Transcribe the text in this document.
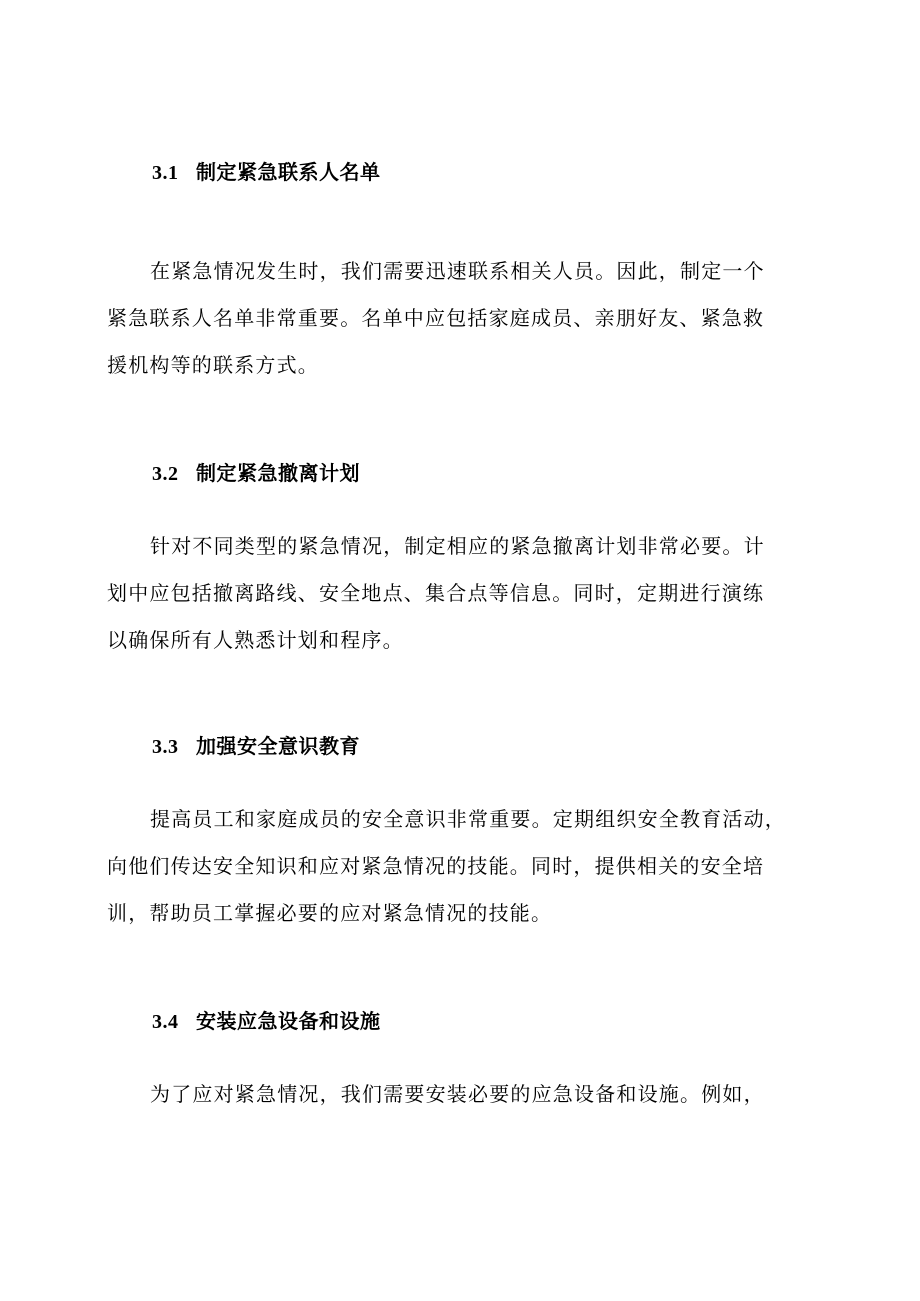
3.1 制定紧急联系人名单
在紧急情况发生时，我们需要迅速联系相关人员。因此，制定一个
紧急联系人名单非常重要。名单中应包括家庭成员、亲朋好友、紧急救
援机构等的联系方式。
3.2 制定紧急撤离计划
针对不同类型的紧急情况，制定相应的紧急撤离计划非常必要。计
划中应包括撤离路线、安全地点、集合点等信息。同时，定期进行演练
以确保所有人熟悉计划和程序。
3.3 加强安全意识教育
提高员工和家庭成员的安全意识非常重要。定期组织安全教育活动，
向他们传达安全知识和应对紧急情况的技能。同时，提供相关的安全培
训，帮助员工掌握必要的应对紧急情况的技能。
3.4 安装应急设备和设施
为了应对紧急情况，我们需要安装必要的应急设备和设施。例如，
